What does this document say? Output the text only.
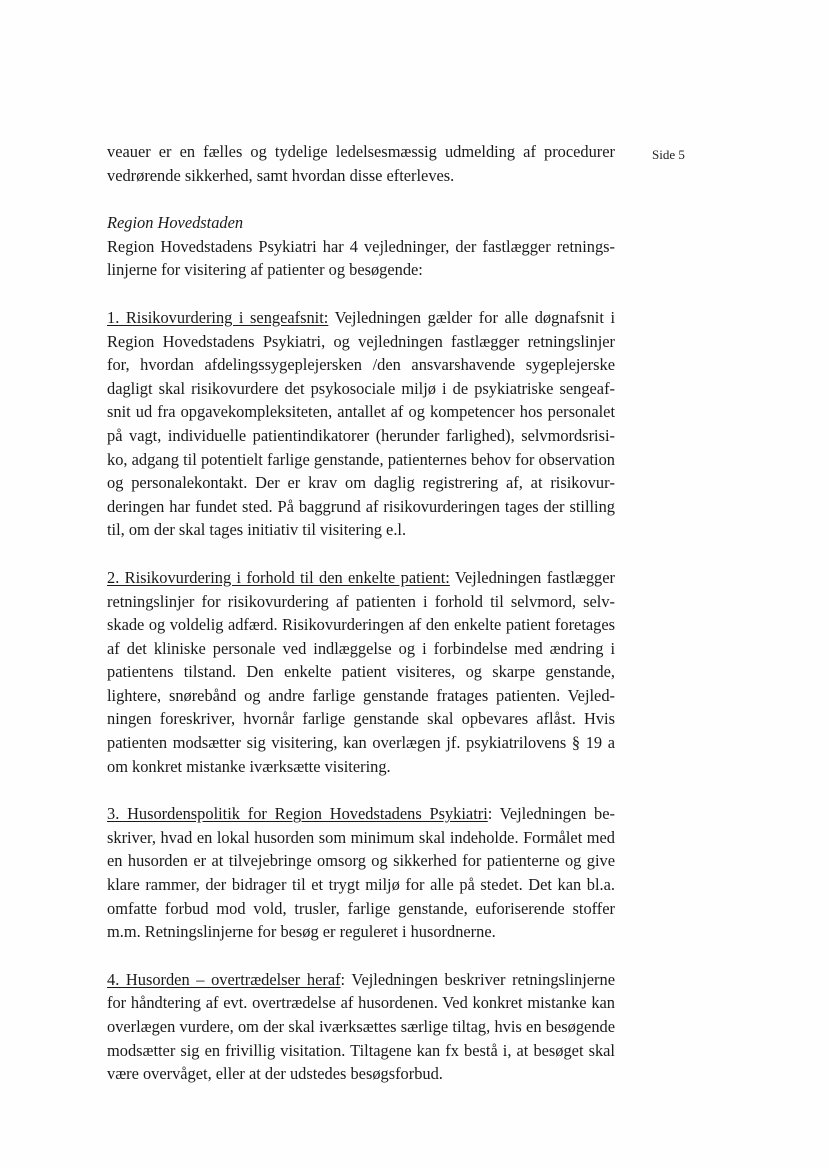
Side 5

veauer er en fælles og tydelige ledelsesmæssig udmelding af procedurer vedrørende sikkerhed, samt hvordan disse efterleves.

Region Hovedstaden

Region Hovedstadens Psykiatri har 4 vejledninger, der fastlægger retningslinjerne for visitering af patienter og besøgende:

1. Risikovurdering i sengeafsnit: Vejledningen gælder for alle døgnafsnit i Region Hovedstadens Psykiatri, og vejledningen fastlægger retningslinjer for, hvordan afdelingssygeplejersken /den ansvarshavende sygeplejerske dagligt skal risikovurdere det psykosociale miljø i de psykiatriske sengeafsnit ud fra opgavekompleksiteten, antallet af og kompetencer hos personalet på vagt, individuelle patientindikatorer (herunder farlighed), selvmordsrisiko, adgang til potentielt farlige genstande, patienternes behov for observation og personalekontakt. Der er krav om daglig registrering af, at risikovurderingen har fundet sted. På baggrund af risikovurderingen tages der stilling til, om der skal tages initiativ til visitering e.l.

2. Risikovurdering i forhold til den enkelte patient: Vejledningen fastlægger retningslinjer for risikovurdering af patienten i forhold til selvmord, selvskade og voldelig adfærd. Risikovurderingen af den enkelte patient foretages af det kliniske personale ved indlæggelse og i forbindelse med ændring i patientens tilstand. Den enkelte patient visiteres, og skarpe genstande, lightere, snørebånd og andre farlige genstande fratages patienten. Vejledningen foreskriver, hvornår farlige genstande skal opbevares aflåst. Hvis patienten modsætter sig visitering, kan overlægen jf. psykiatrilovens § 19 a om konkret mistanke iværksætte visitering.

3. Husordenspolitik for Region Hovedstadens Psykiatri: Vejledningen beskriver, hvad en lokal husorden som minimum skal indeholde. Formålet med en husorden er at tilvejebringe omsorg og sikkerhed for patienterne og give klare rammer, der bidrager til et trygt miljø for alle på stedet. Det kan bl.a. omfatte forbud mod vold, trusler, farlige genstande, euforiserende stoffer m.m. Retningslinjerne for besøg er reguleret i husordnerne.

4. Husorden – overtrædelser heraf: Vejledningen beskriver retningslinjerne for håndtering af evt. overtrædelse af husordenen. Ved konkret mistanke kan overlægen vurdere, om der skal iværksættes særlige tiltag, hvis en besøgende modsætter sig en frivillig visitation. Tiltagene kan fx bestå i, at besøget skal være overvåget, eller at der udstedes besøgsforbud.
